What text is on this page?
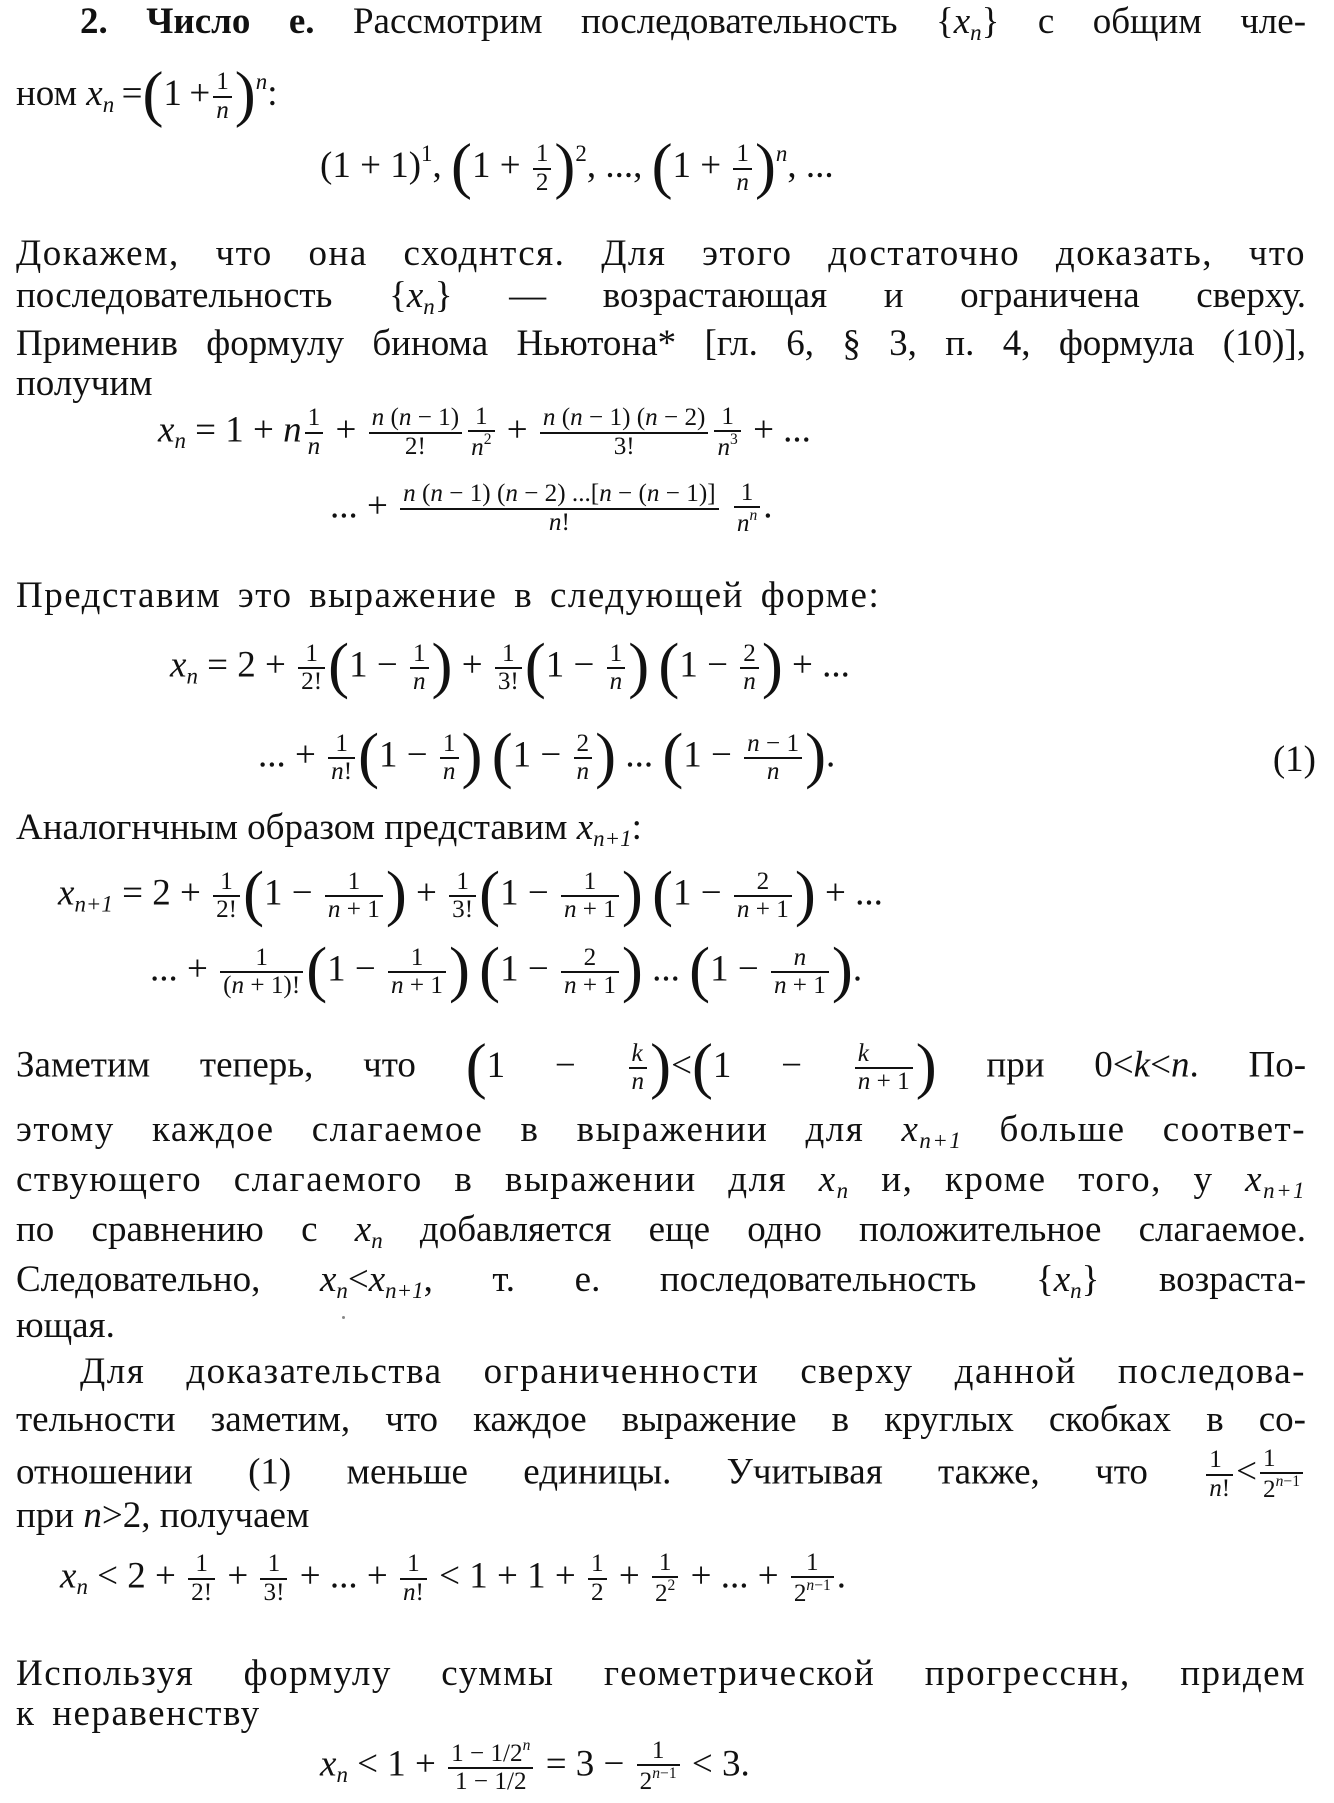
2. Число е. Рассмотрим последовательность $\{x_n\}$ с общим чле-
ном $x_n =(1 + \frac{1}{n} )^n$:
$(1 + 1)^1$, $(1 + \frac{1}{2} )^2$, ..., $(1 + \frac{1}{n} )^n$, ...
Докажем, что она сходнтся. Для этого достаточно доказать, что
последовательность $\{x_n\}$ — возрастающая и ограничена сверху.
Применив формулу бинома Ньютона* [гл. 6, § 3, п. 4, формула (10)],
получим
$x_n = 1 + n \frac{1}{n} + \frac{n (n - 1)}{2!} \frac{1}{n^2} + \frac{n (n - 1) (n - 2)}{3!} \frac{1}{n^3}$ + ...
... + $\frac{n (n - 1) (n - 2) ...[n - (n - 1)]}{n!}$
$\frac{1}{n^n}$ .
Представим это выражение в следующей форме:
$x_n = 2 + \frac{1}{2!} (1 - \frac{1}{n}$ ) + $\frac{1}{3!} (1 - \frac{1}{n}$ ) ($1 - \frac{2}{n}$ ) + ...
... + $\frac{1}{n!} (1 - \frac{1}{n}$ ) ($1 - \frac{2}{n}$ ) ... ($1 - \frac{n - 1}{n}$ ).	(1)
Аналогнчным образом представим $x_{n+1}$:
$x_{n+1} = 2 + \frac{1}{2!} (1 - \frac{1}{n + 1}$ ) + $\frac{1}{3!} (1 - \frac{1}{n + 1}$ ) ($1 - \frac{2}{n + 1}$ ) + ...
... + $\frac{1}{(n + 1)!} (1 - \frac{1}{n + 1}$ ) ($1 - \frac{2}{n + 1}$ ) ... ($1 - \frac{n}{n + 1}$ ).
Заметим теперь, что $(1 - \frac{k}{n} )<(1 - \frac{k}{n + 1}$ ) при 0<k<n. По-
этому каждое слагаемое в выражении для $x_{n+1}$ больше соответ-
ствующего слагаемого в выражении для $x_n$ и, кроме того, у $x_{n+1}$
по сравнению с $x_n$ добавляется еще одно положительное слагаемое.
Следовательно, $x_n<x_{n+1}$, т. е. последовательность $\{x_n\}$ возраста-
ющая.
Для доказательства ограниченности сверху данной последова-
тельности заметим, что каждое выражение в круглых скобках в со-
отношении (1) меньше единицы. Учитывая также, что $\frac{1}{n!} < \frac{1}{2^{n-1}}$
при n>2, получаем
$x_n < 2 + \frac{1}{2!} + \frac{1}{3!}$ + ... + $\frac{1}{n!} < 1 + 1 + \frac{1}{2} + \frac{1}{2^2}$ + ... + $\frac{1}{2^{n-1}}$ .
Используя формулу суммы геометрической прогресснн, придем
к неравенству
$x_n < 1 + \frac{1 - 1/2^n}{1 - 1/2} = 3 - \frac{1}{2^{n-1}} < 3$.
